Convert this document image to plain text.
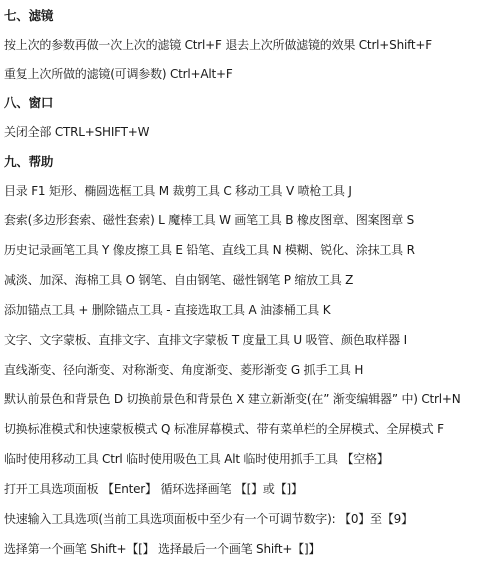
七、滤镜
按上次的参数再做一次上次的滤镜 Ctrl+F 退去上次所做滤镜的效果 Ctrl+Shift+F
重复上次所做的滤镜(可调参数) Ctrl+Alt+F
八、窗口
关闭全部 CTRL+SHIFT+W
九、帮助
目录 F1 矩形、椭圆选框工具 M 裁剪工具 C 移动工具 V 喷枪工具 J
套索(多边形套索、磁性套索) L 魔棒工具 W 画笔工具 B 橡皮图章、图案图章 S
历史记录画笔工具 Y 像皮擦工具 E 铅笔、直线工具 N 模糊、锐化、涂抹工具 R
减淡、加深、海棉工具 O 钢笔、自由钢笔、磁性钢笔 P 缩放工具 Z
添加锚点工具 + 删除锚点工具 - 直接选取工具 A 油漆桶工具 K
文字、文字蒙板、直排文字、直排文字蒙板 T 度量工具 U 吸管、颜色取样器 I
直线渐变、径向渐变、对称渐变、角度渐变、菱形渐变 G 抓手工具 H
默认前景色和背景色 D 切换前景色和背景色 X 建立新渐变(在” 渐变编辑器” 中) Ctrl+N
切换标准模式和快速蒙板模式 Q 标准屏幕模式、带有菜单栏的全屏模式、全屏模式 F
临时使用移动工具 Ctrl 临时使用吸色工具 Alt 临时使用抓手工具 【空格】
打开工具选项面板 【Enter】 循环选择画笔 【[】或【]】
快速输入工具选项(当前工具选项面板中至少有一个可调节数字): 【0】至【9】
选择第一个画笔 Shift+【[】 选择最后一个画笔 Shift+【]】
